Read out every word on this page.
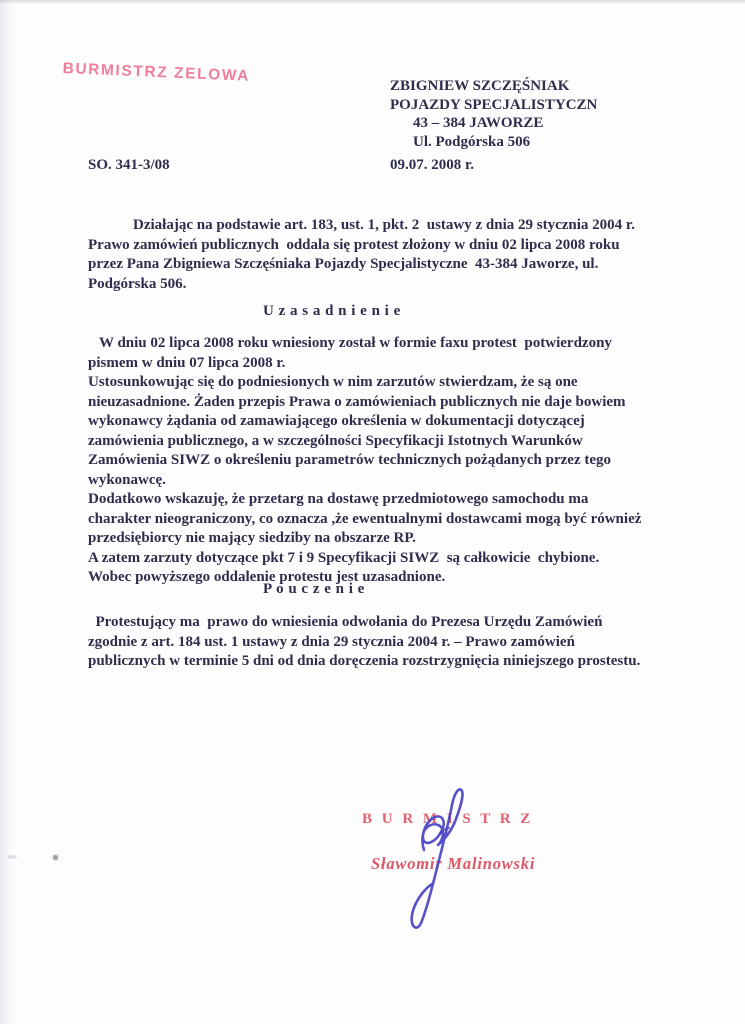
BURMISTRZ ZELOWA
ZBIGNIEW SZCZĘŚNIAK
POJAZDY SPECJALISTYCZN
43 – 384 JAWORZE
Ul. Podgórska 506
SO. 341-3/08	09.07. 2008 r.
Działając na podstawie art. 183, ust. 1, pkt. 2  ustawy z dnia 29 stycznia 2004 r.
Prawo zamówień publicznych  oddala się protest złożony w dniu 02 lipca 2008 roku
przez Pana Zbigniewa Szczęśniaka Pojazdy Specjalistyczne  43-384 Jaworze, ul.
Podgórska 506.
U z a s a d n i e n i e
W dniu 02 lipca 2008 roku wniesiony został w formie faxu protest  potwierdzony
pismem w dniu 07 lipca 2008 r.
Ustosunkowując się do podniesionych w nim zarzutów stwierdzam, że są one
nieuzasadnione. Żaden przepis Prawa o zamówieniach publicznych nie daje bowiem
wykonawcy żądania od zamawiającego określenia w dokumentacji dotyczącej
zamówienia publicznego, a w szczególności Specyfikacji Istotnych Warunków
Zamówienia SIWZ o określeniu parametrów technicznych pożądanych przez tego
wykonawcę.
Dodatkowo wskazuję, że przetarg na dostawę przedmiotowego samochodu ma
charakter nieograniczony, co oznacza ,że ewentualnymi dostawcami mogą być również
przedsiębiorcy nie mający siedziby na obszarze RP.
A zatem zarzuty dotyczące pkt 7 i 9 Specyfikacji SIWZ  są całkowicie  chybione.
Wobec powyższego oddalenie protestu jest uzasadnione.
P o u c z e n i e
Protestujący ma  prawo do wniesienia odwołania do Prezesa Urzędu Zamówień
zgodnie z art. 184 ust. 1 ustawy z dnia 29 stycznia 2004 r. – Prawo zamówień
publicznych w terminie 5 dni od dnia doręczenia rozstrzygnięcia niniejszego prostestu.
B U R M I S T R Z
Sławomir Malinowski
